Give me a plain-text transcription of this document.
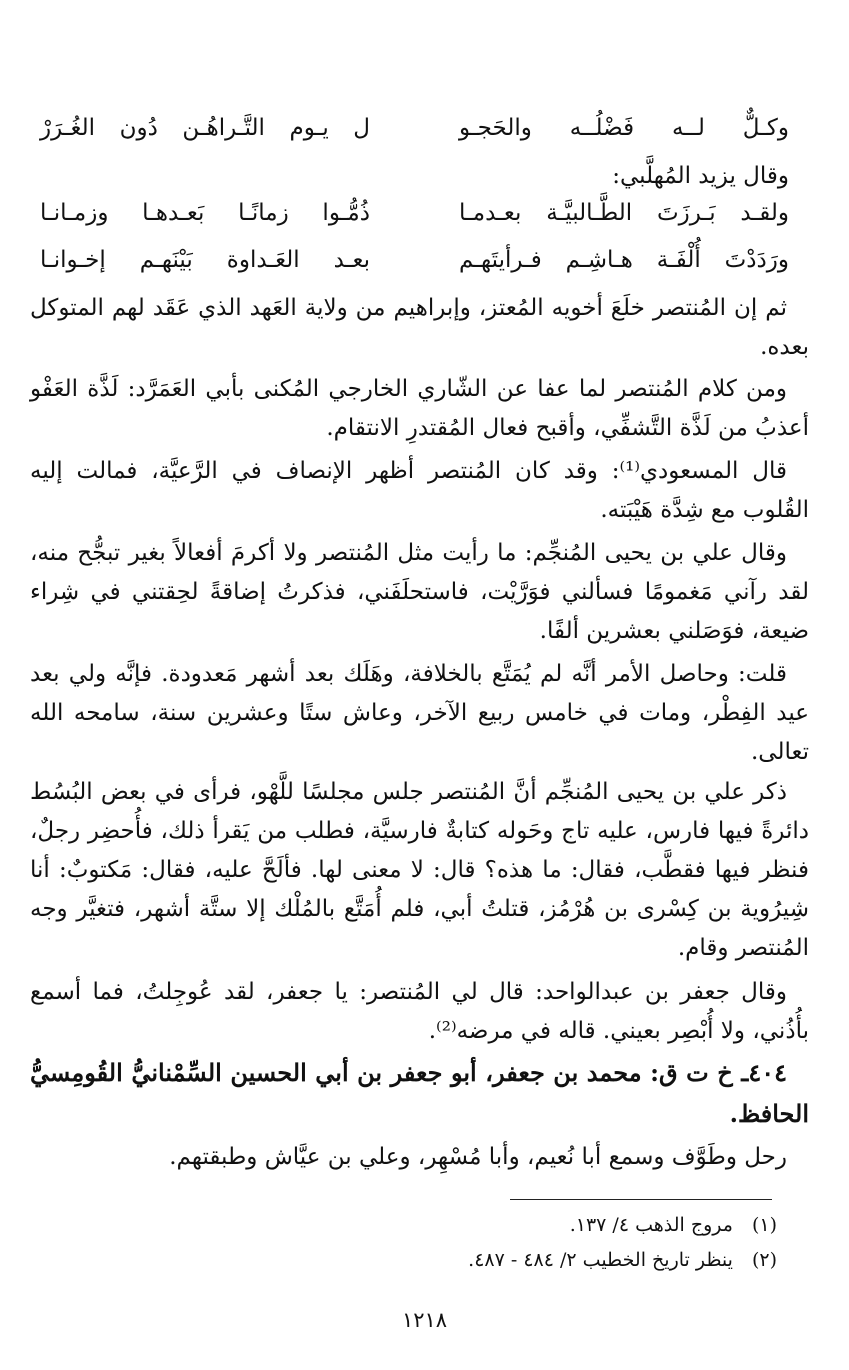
وكـلٌّ لــه فَضْلُــه والحَجـو
ل يـوم التَّـراهُـن دُون الغُـرَرْ
وقال يزيد المُهلَّبي:
ولقـد بَـرزَتَ الطَّـالبيَّـة بعـدمـا
ذُمُّـوا زمانًـا بَعـدهـا وزمـانـا
ورَدَدْتَ أُلْفَـة هـاشِـم فـرأيتَهـم
بعـد العَـداوة بَيْنَهـم إخـوانـا
ثم إن المُنتصر خلَعَ أخويه المُعتز، وإبراهيم من ولاية العَهد الذي عَقَد لهم المتوكل بعده.
ومن كلام المُنتصر لما عفا عن الشّاري الخارجي المُكنى بأبي العَمَرَّد: لَذَّة العَفْو أعذبُ من لَذَّة التَّشفِّي، وأقبح فعال المُقتدرِ الانتقام.
قال المسعودي⁽¹⁾: وقد كان المُنتصر أظهر الإنصاف في الرَّعيَّة، فمالت إليه القُلوب مع شِدَّة هَيْبَته.
وقال علي بن يحيى المُنجِّم: ما رأيت مثل المُنتصر ولا أكرمَ أفعالاً بغير تبجُّح منه، لقد رآني مَغمومًا فسألني فوَرَّيْت، فاستحلَفَني، فذكرتُ إضاقةً لحِقتني في شِراء ضيعة، فوَصَلني بعشرين ألفًا.
قلت: وحاصل الأمر أنَّه لم يُمَتَّع بالخلافة، وهَلَك بعد أشهر مَعدودة. فإنَّه ولي بعد عيد الفِطْر، ومات في خامس ربيع الآخر، وعاش ستًا وعشرين سنة، سامحه الله تعالى.
ذكر علي بن يحيى المُنجِّم أنَّ المُنتصر جلس مجلسًا للَّهْو، فرأى في بعض البُسُط دائرةً فيها فارس، عليه تاج وحَوله كتابةٌ فارسيَّة، فطلب من يَقرأ ذلك، فأُحضِر رجلٌ، فنظر فيها فقطَّب، فقال: ما هذه؟ قال: لا معنى لها. فألَحَّ عليه، فقال: مَكتوبٌ: أنا شِيرُوية بن كِسْرى بن هُرْمُز، قتلتُ أبي، فلم أُمَتَّع بالمُلْك إلا ستَّة أشهر، فتغيَّر وجه المُنتصر وقام.
وقال جعفر بن عبدالواحد: قال لي المُنتصر: يا جعفر، لقد عُوجِلتُ، فما أسمع بأُذُني، ولا أُبْصِر بعيني. قاله في مرضه⁽²⁾.
٤٠٤ـ خ ت ق: محمد بن جعفر، أبو جعفر بن أبي الحسين السِّمْنانيُّ القُومِسيُّ الحافظ.
رحل وطَوَّف وسمع أبا نُعيم، وأبا مُسْهِر، وعلي بن عيَّاش وطبقتهم.
(١) مروج الذهب ٤/ ١٣٧.
(٢) ينظر تاريخ الخطيب ٢/ ٤٨٤ - ٤٨٧.
١٢١٨
